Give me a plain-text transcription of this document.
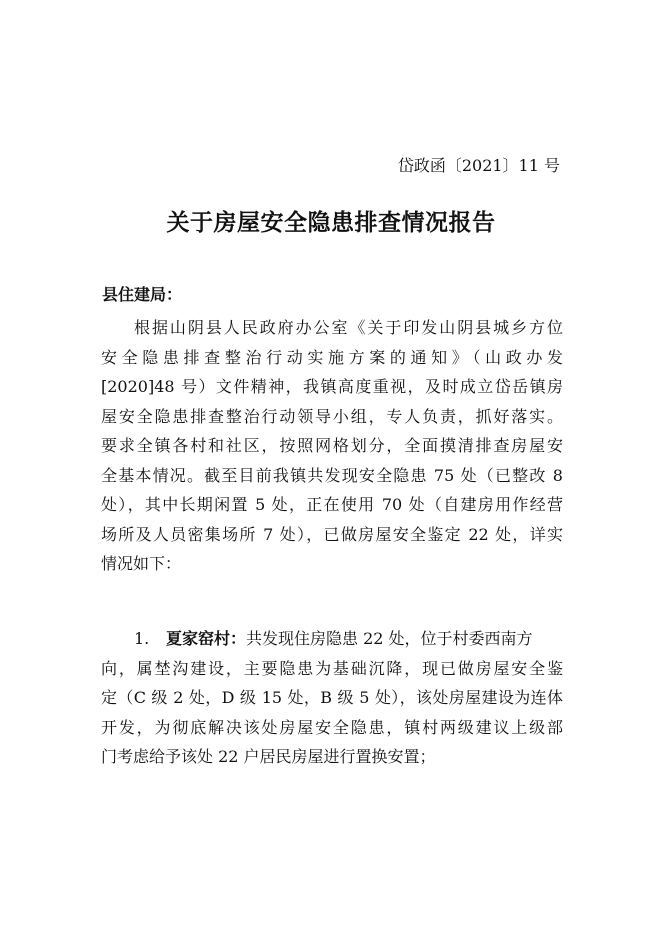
岱政函〔2021〕11 号
关于房屋安全隐患排查情况报告
县住建局：
根据山阴县人民政府办公室《关于印发山阴县城乡方位
安全隐患排查整治行动实施方案的通知》（山政办发
[2020]48 号）文件精神，我镇高度重视，及时成立岱岳镇房
屋安全隐患排查整治行动领导小组，专人负责，抓好落实。
要求全镇各村和社区，按照网格划分，全面摸清排查房屋安
全基本情况。截至目前我镇共发现安全隐患 75 处（已整改 8
处），其中长期闲置 5 处，正在使用 70 处（自建房用作经营
场所及人员密集场所 7 处），已做房屋安全鉴定 22 处，详实
情况如下：
1. 夏家窑村：共发现住房隐患 22 处，位于村委西南方
向，属埜沟建设，主要隐患为基础沉降，现已做房屋安全鉴
定（C 级 2 处，D 级 15 处，B 级 5 处），该处房屋建设为连体
开发，为彻底解决该处房屋安全隐患，镇村两级建议上级部
门考虑给予该处 22 户居民房屋进行置换安置；
